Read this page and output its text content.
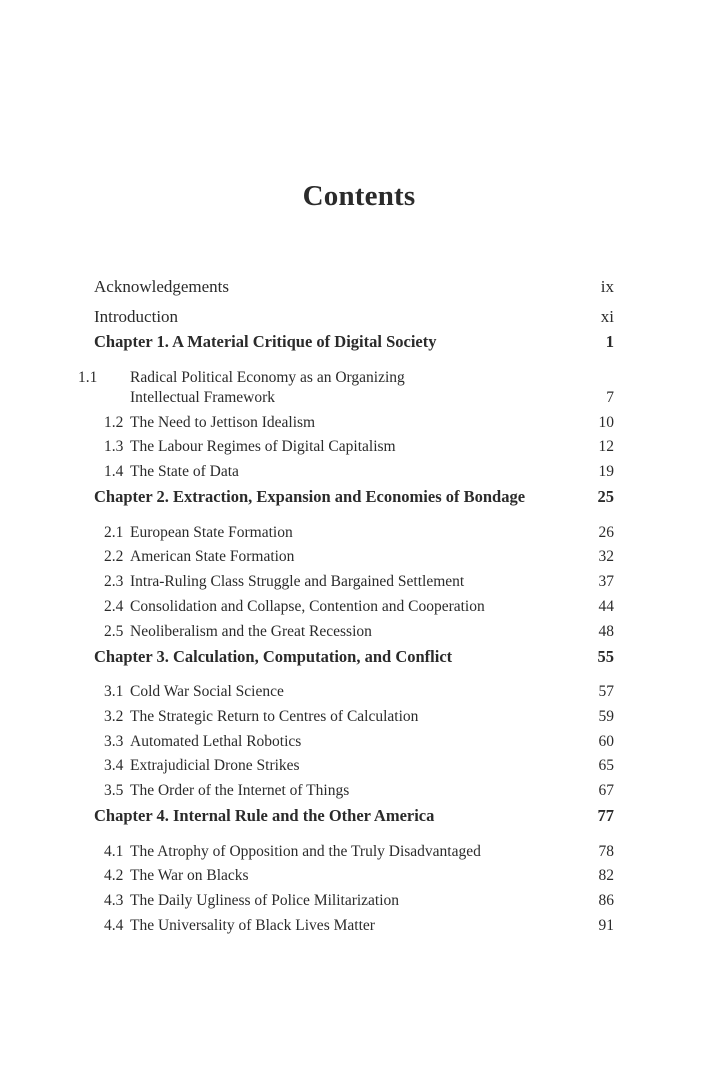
Contents
Acknowledgements	ix
Introduction	xi
Chapter 1. A Material Critique of Digital Society	1
1.1 Radical Political Economy as an Organizing
Intellectual Framework	7
1.2 The Need to Jettison Idealism	10
1.3 The Labour Regimes of Digital Capitalism	12
1.4 The State of Data	19
Chapter 2. Extraction, Expansion and Economies of Bondage	25
2.1 European State Formation	26
2.2 American State Formation	32
2.3 Intra-Ruling Class Struggle and Bargained Settlement	37
2.4 Consolidation and Collapse, Contention and Cooperation	44
2.5 Neoliberalism and the Great Recession	48
Chapter 3. Calculation, Computation, and Conflict	55
3.1 Cold War Social Science	57
3.2 The Strategic Return to Centres of Calculation	59
3.3 Automated Lethal Robotics	60
3.4 Extrajudicial Drone Strikes	65
3.5 The Order of the Internet of Things	67
Chapter 4. Internal Rule and the Other America	77
4.1 The Atrophy of Opposition and the Truly Disadvantaged	78
4.2 The War on Blacks	82
4.3 The Daily Ugliness of Police Militarization	86
4.4 The Universality of Black Lives Matter	91
